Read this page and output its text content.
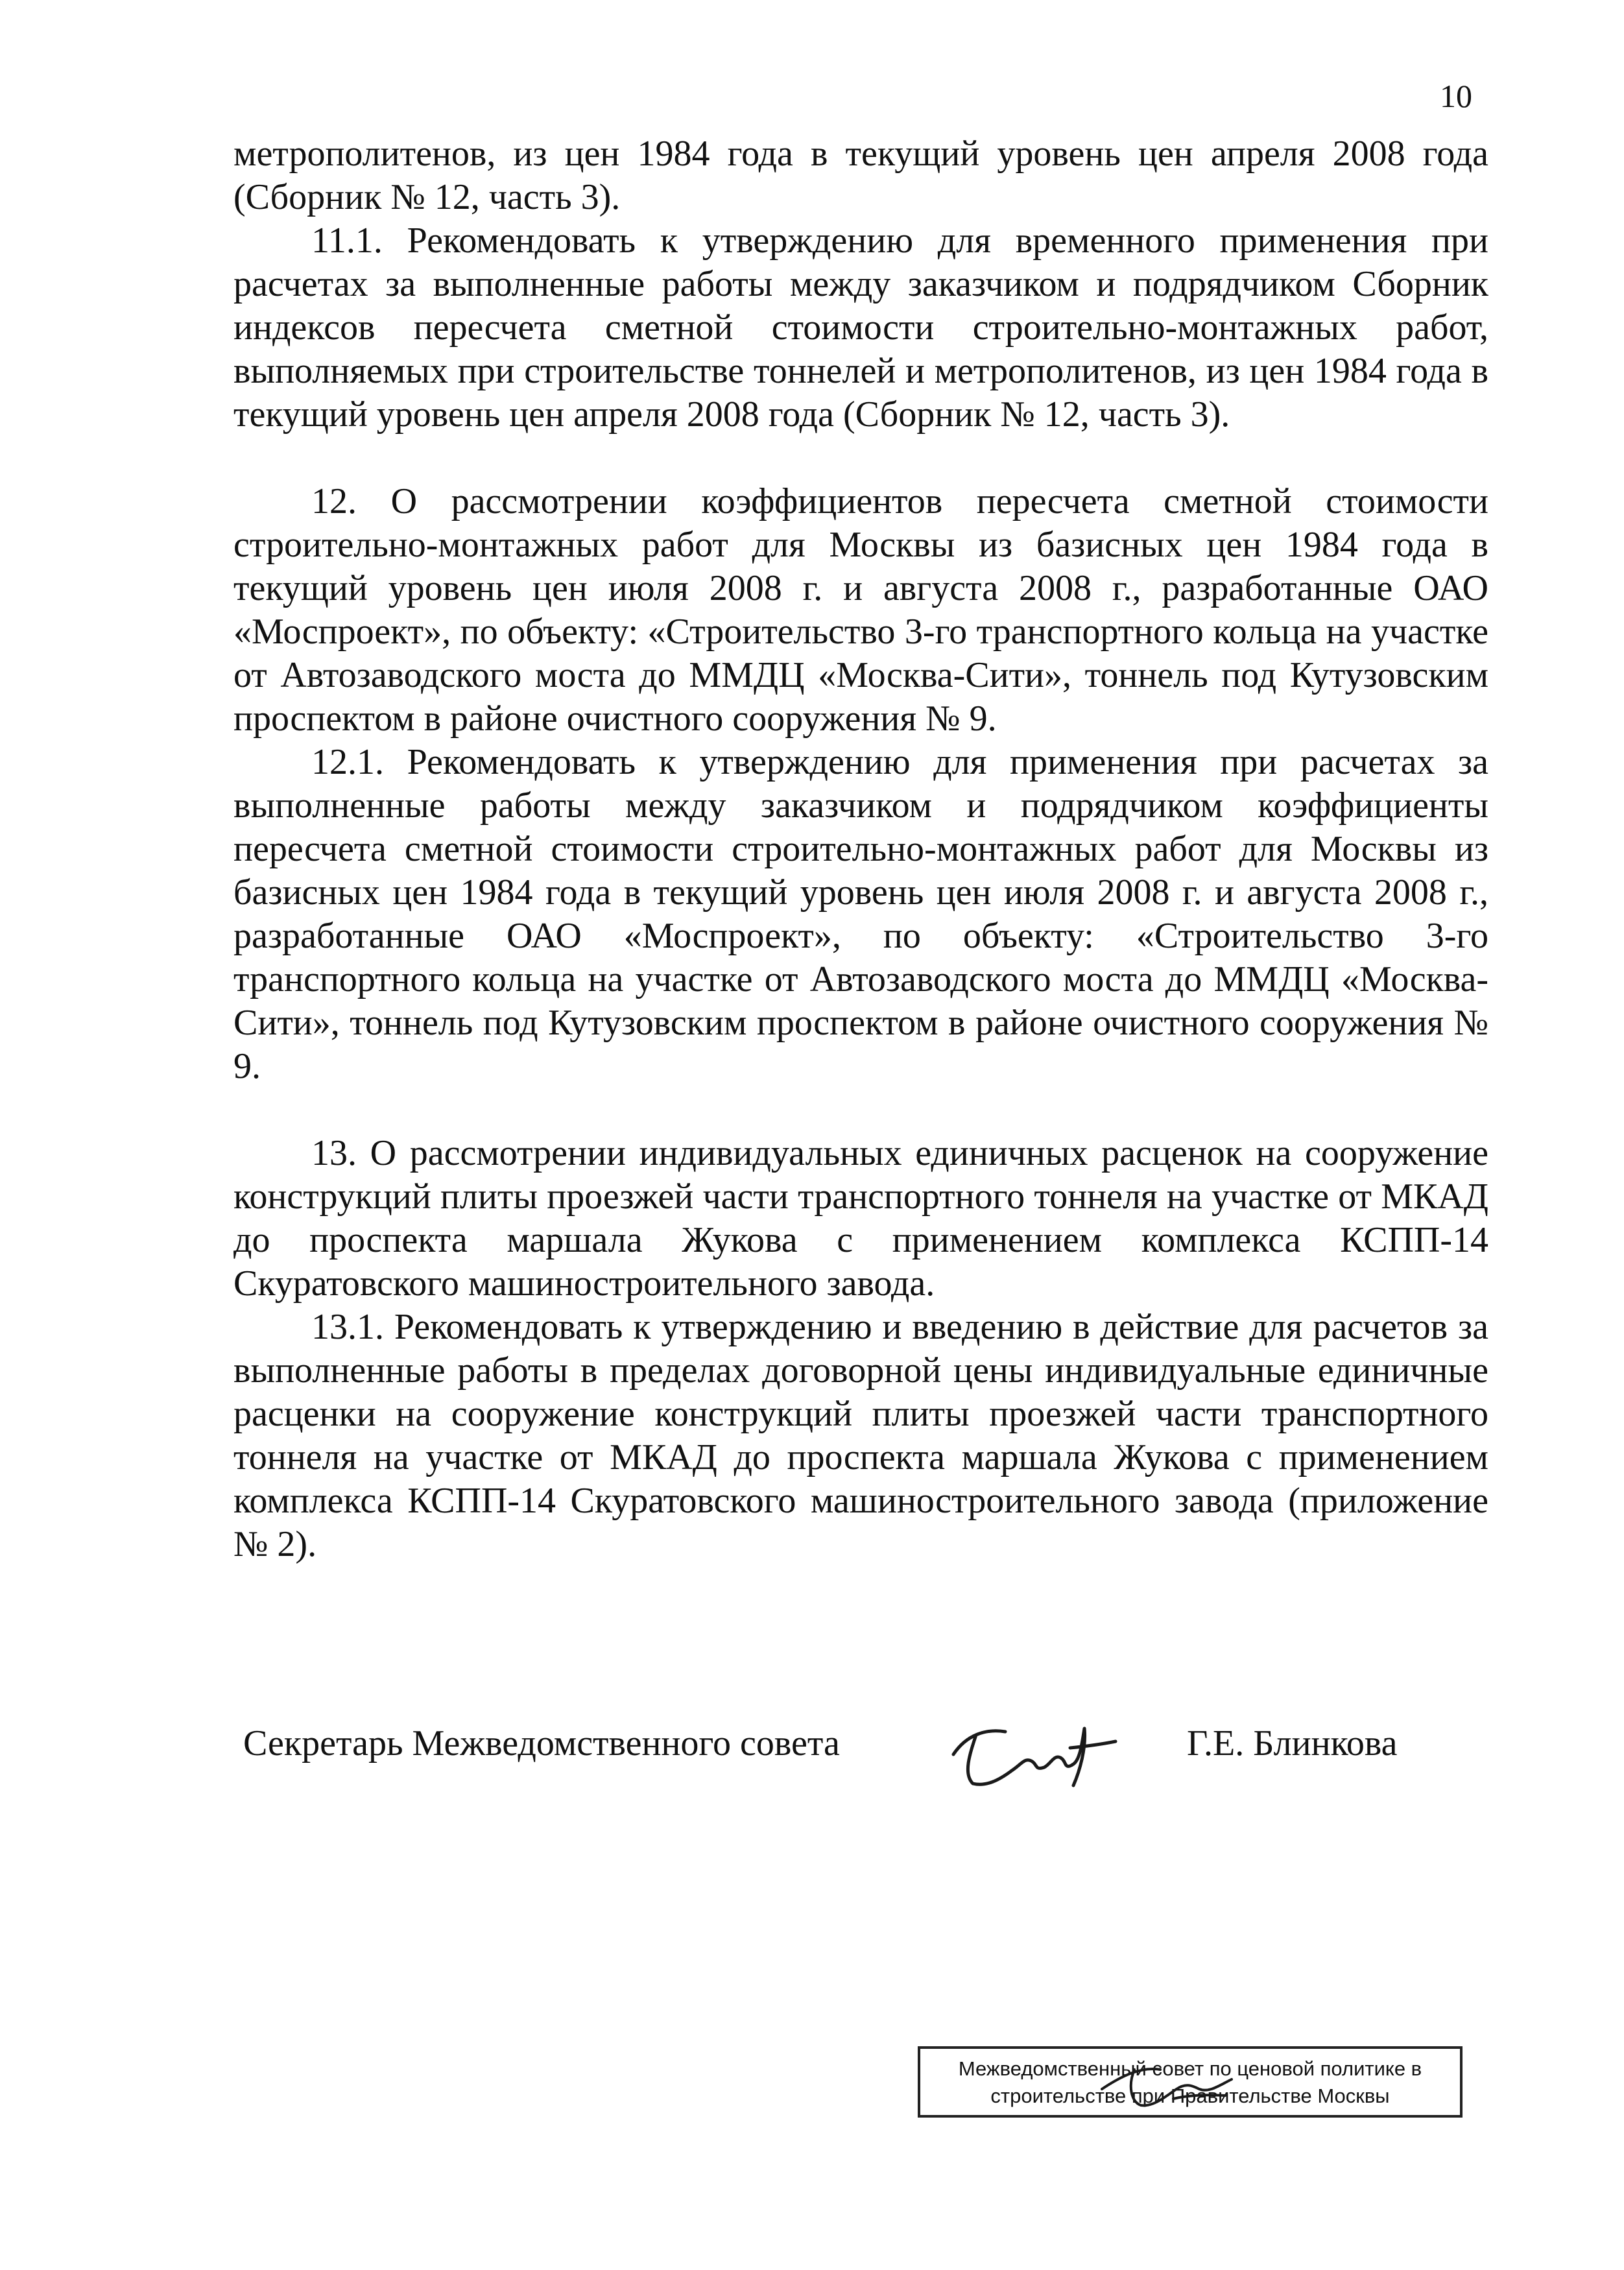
10

метрополитенов, из цен 1984 года в текущий уровень цен апреля 2008 года (Сборник № 12, часть 3).

11.1. Рекомендовать к утверждению для временного применения при расчетах за выполненные работы между заказчиком и подрядчиком Сборник индексов пересчета сметной стоимости строительно-монтажных работ, выполняемых при строительстве тоннелей и метрополитенов, из цен 1984 года в текущий уровень цен апреля 2008 года (Сборник № 12, часть 3).

12. О рассмотрении коэффициентов пересчета сметной стоимости строительно-монтажных работ для Москвы из базисных цен 1984 года в текущий уровень цен июля 2008 г. и августа 2008 г., разработанные ОАО «Моспроект», по объекту: «Строительство 3-го транспортного кольца на участке от Автозаводского моста до ММДЦ «Москва-Сити», тоннель под Кутузовским проспектом в районе очистного сооружения № 9.

12.1. Рекомендовать к утверждению для применения при расчетах за выполненные работы между заказчиком и подрядчиком коэффициенты пересчета сметной стоимости строительно-монтажных работ для Москвы из базисных цен 1984 года в текущий уровень цен июля 2008 г. и августа 2008 г., разработанные ОАО «Моспроект», по объекту: «Строительство 3-го транспортного кольца на участке от Автозаводского моста до ММДЦ «Москва-Сити», тоннель под Кутузовским проспектом в районе очистного сооружения № 9.

13. О рассмотрении индивидуальных единичных расценок на сооружение конструкций плиты проезжей части транспортного тоннеля на участке от МКАД до проспекта маршала Жукова с применением комплекса КСПП-14 Скуратовского машиностроительного завода.

13.1. Рекомендовать к утверждению и введению в действие для расчетов за выполненные работы в пределах договорной цены индивидуальные единичные расценки на сооружение конструкций плиты проезжей части транспортного тоннеля на участке от МКАД до проспекта маршала Жукова с применением комплекса КСПП-14 Скуратовского машиностроительного завода (приложение № 2).

Секретарь Межведомственного совета	Г.Е. Блинкова
Межведомственный совет по ценовой политике в
строительстве при Правительстве Москвы
